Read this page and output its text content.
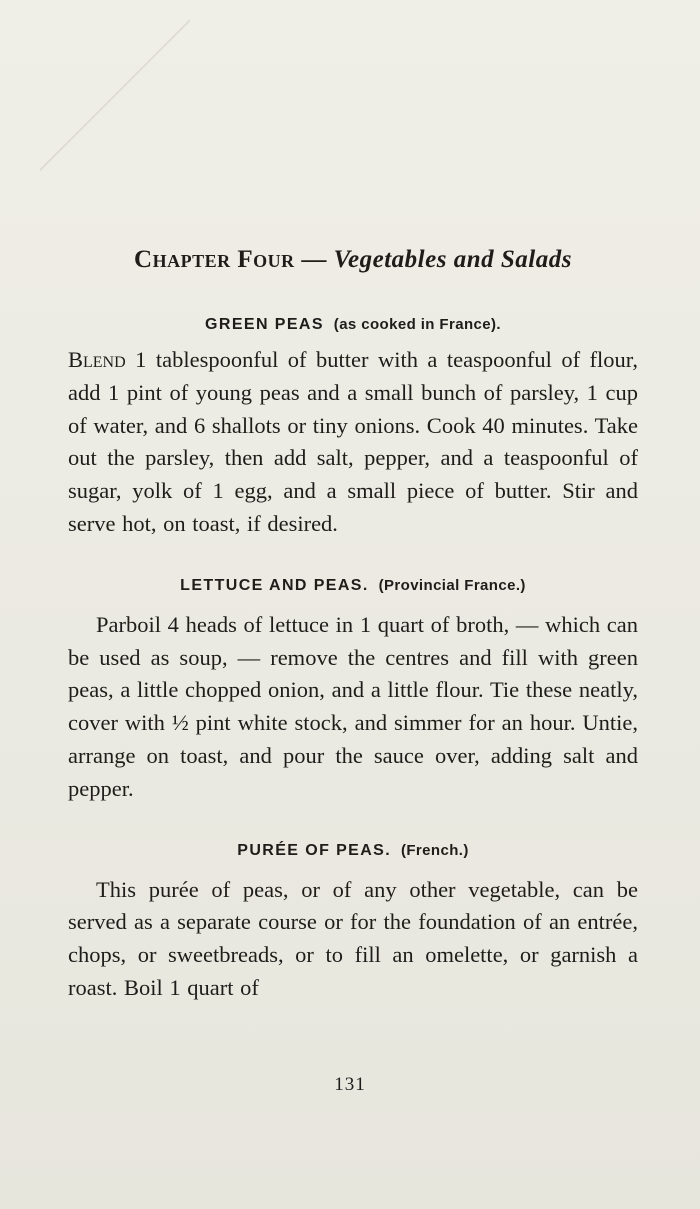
Chapter Four — Vegetables and Salads
GREEN PEAS (as cooked in France).

Blend 1 tablespoonful of butter with a teaspoonful of flour, add 1 pint of young peas and a small bunch of parsley, 1 cup of water, and 6 shallots or tiny onions. Cook 40 minutes. Take out the parsley, then add salt, pepper, and a teaspoonful of sugar, yolk of 1 egg, and a small piece of butter. Stir and serve hot, on toast, if desired.

LETTUCE AND PEAS. (Provincial France.)

Parboil 4 heads of lettuce in 1 quart of broth, — which can be used as soup, — remove the centres and fill with green peas, a little chopped onion, and a little flour. Tie these neatly, cover with ½ pint white stock, and simmer for an hour. Untie, arrange on toast, and pour the sauce over, adding salt and pepper.

PURÉE OF PEAS. (French.)

This purée of peas, or of any other vegetable, can be served as a separate course or for the foundation of an entrée, chops, or sweetbreads, or to fill an omelette, or garnish a roast. Boil 1 quart of

131
